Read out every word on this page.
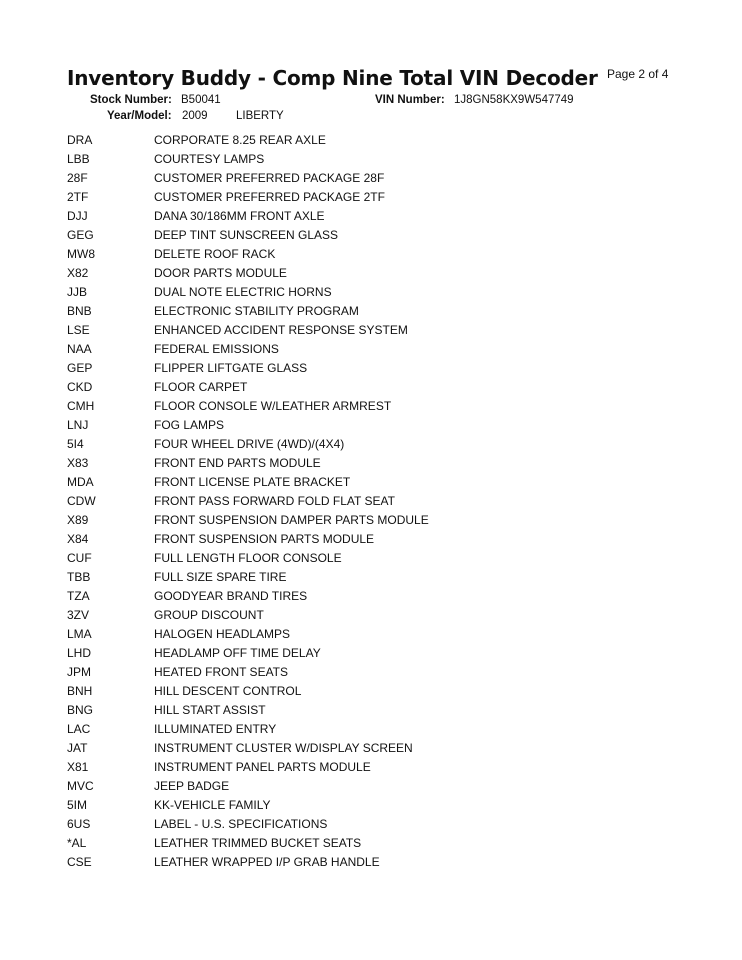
Inventory Buddy - Comp Nine Total VIN Decoder Page 2 of 4
Stock Number: B50041	VIN Number: 1J8GN58KX9W547749
Year/Model: 2009 LIBERTY
DRA	CORPORATE 8.25 REAR AXLE
LBB	COURTESY LAMPS
28F	CUSTOMER PREFERRED PACKAGE 28F
2TF	CUSTOMER PREFERRED PACKAGE 2TF
DJJ	DANA 30/186MM FRONT AXLE
GEG	DEEP TINT SUNSCREEN GLASS
MW8	DELETE ROOF RACK
X82	DOOR PARTS MODULE
JJB	DUAL NOTE ELECTRIC HORNS
BNB	ELECTRONIC STABILITY PROGRAM
LSE	ENHANCED ACCIDENT RESPONSE SYSTEM
NAA	FEDERAL EMISSIONS
GEP	FLIPPER LIFTGATE GLASS
CKD	FLOOR CARPET
CMH	FLOOR CONSOLE W/LEATHER ARMREST
LNJ	FOG LAMPS
5I4	FOUR WHEEL DRIVE (4WD)/(4X4)
X83	FRONT END PARTS MODULE
MDA	FRONT LICENSE PLATE BRACKET
CDW	FRONT PASS FORWARD FOLD FLAT SEAT
X89	FRONT SUSPENSION DAMPER PARTS MODULE
X84	FRONT SUSPENSION PARTS MODULE
CUF	FULL LENGTH FLOOR CONSOLE
TBB	FULL SIZE SPARE TIRE
TZA	GOODYEAR BRAND TIRES
3ZV	GROUP DISCOUNT
LMA	HALOGEN HEADLAMPS
LHD	HEADLAMP OFF TIME DELAY
JPM	HEATED FRONT SEATS
BNH	HILL DESCENT CONTROL
BNG	HILL START ASSIST
LAC	ILLUMINATED ENTRY
JAT	INSTRUMENT CLUSTER W/DISPLAY SCREEN
X81	INSTRUMENT PANEL PARTS MODULE
MVC	JEEP BADGE
5IM	KK-VEHICLE FAMILY
6US	LABEL - U.S. SPECIFICATIONS
*AL	LEATHER TRIMMED BUCKET SEATS
CSE	LEATHER WRAPPED I/P GRAB HANDLE
